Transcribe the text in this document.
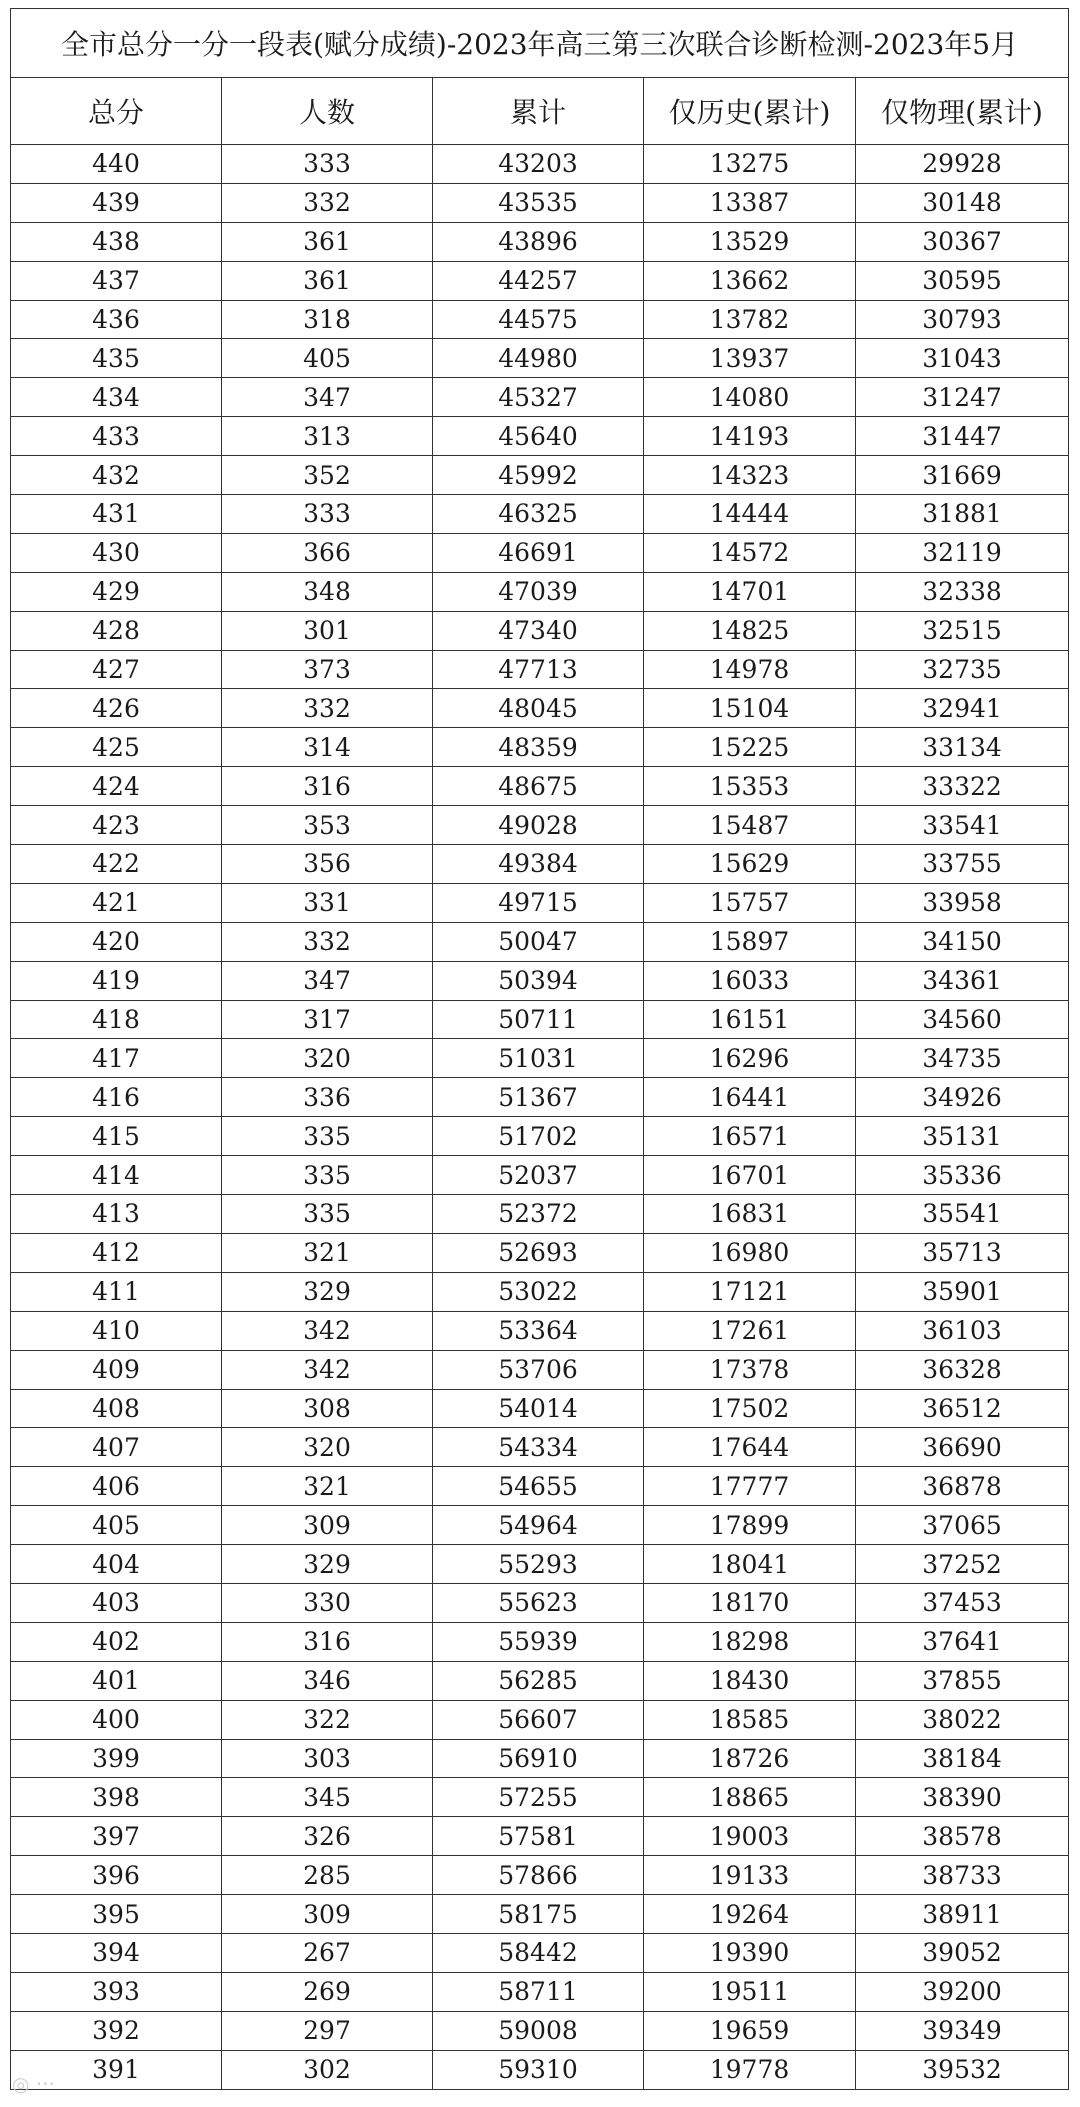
全市总分一分一段表(赋分成绩)-2023年高三第三次联合诊断检测-2023年5月				
总分	人数	累计	仅历史(累计)	仅物理(累计)
440	333	43203	13275	29928
439	332	43535	13387	30148
438	361	43896	13529	30367
437	361	44257	13662	30595
436	318	44575	13782	30793
435	405	44980	13937	31043
434	347	45327	14080	31247
433	313	45640	14193	31447
432	352	45992	14323	31669
431	333	46325	14444	31881
430	366	46691	14572	32119
429	348	47039	14701	32338
428	301	47340	14825	32515
427	373	47713	14978	32735
426	332	48045	15104	32941
425	314	48359	15225	33134
424	316	48675	15353	33322
423	353	49028	15487	33541
422	356	49384	15629	33755
421	331	49715	15757	33958
420	332	50047	15897	34150
419	347	50394	16033	34361
418	317	50711	16151	34560
417	320	51031	16296	34735
416	336	51367	16441	34926
415	335	51702	16571	35131
414	335	52037	16701	35336
413	335	52372	16831	35541
412	321	52693	16980	35713
411	329	53022	17121	35901
410	342	53364	17261	36103
409	342	53706	17378	36328
408	308	54014	17502	36512
407	320	54334	17644	36690
406	321	54655	17777	36878
405	309	54964	17899	37065
404	329	55293	18041	37252
403	330	55623	18170	37453
402	316	55939	18298	37641
401	346	56285	18430	37855
400	322	56607	18585	38022
399	303	56910	18726	38184
398	345	57255	18865	38390
397	326	57581	19003	38578
396	285	57866	19133	38733
395	309	58175	19264	38911
394	267	58442	19390	39052
393	269	58711	19511	39200
392	297	59008	19659	39349
391	302	59310	19778	39532
◎ ···
